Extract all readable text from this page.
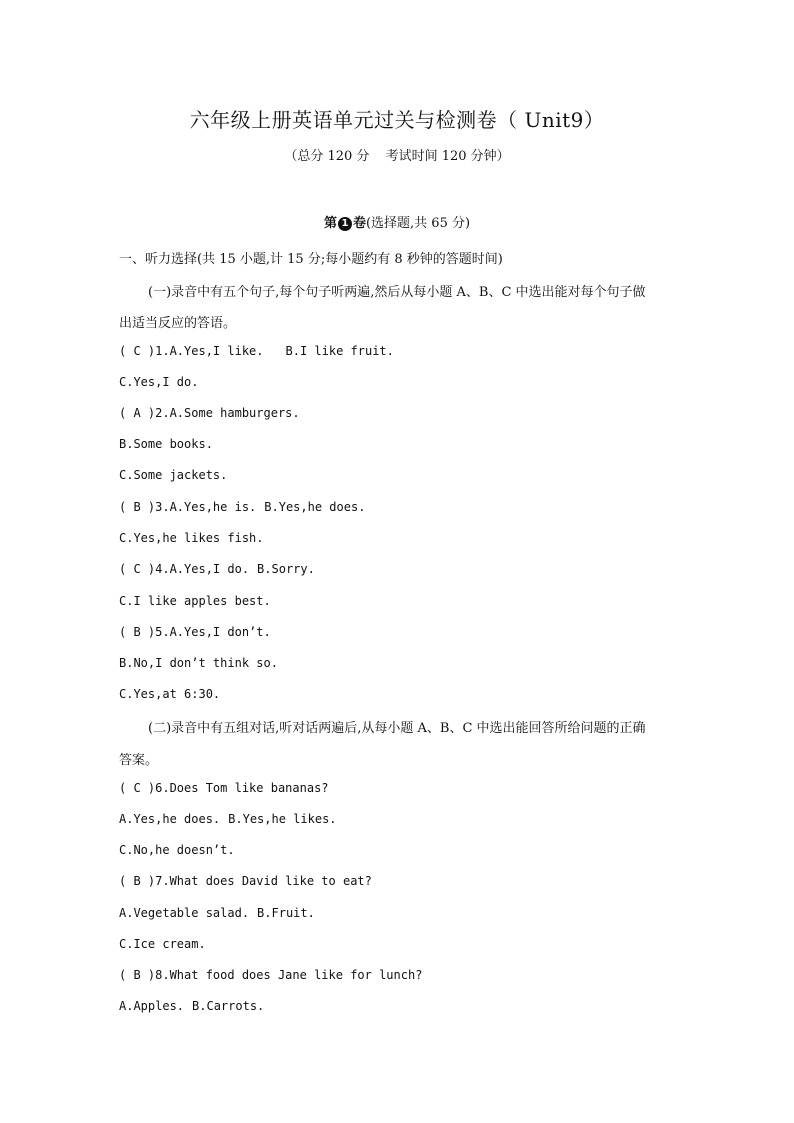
六年级上册英语单元过关与检测卷（ Unit9）
（总分 120 分 考试时间 120 分钟）
第 1 卷(选择题,共 65 分)
一、听力选择(共 15 小题,计 15 分;每小题约有 8 秒钟的答题时间)
(一)录音中有五个句子,每个句子听两遍,然后从每小题 A、B、C 中选出能对每个句子做
出适当反应的答语。
( C )1.A.Yes,I like. B.I like fruit.
C.Yes,I do.
( A )2.A.Some hamburgers.
B.Some books.
C.Some jackets.
( B )3.A.Yes,he is. B.Yes,he does.
C.Yes,he likes fish.
( C )4.A.Yes,I do. B.Sorry.
C.I like apples best.
( B )5.A.Yes,I don’t.
B.No,I don’t think so.
C.Yes,at 6:30.
(二)录音中有五组对话,听对话两遍后,从每小题 A、B、C 中选出能回答所给问题的正确
答案。
( C )6.Does Tom like bananas?
A.Yes,he does. B.Yes,he likes.
C.No,he doesn’t.
( B )7.What does David like to eat?
A.Vegetable salad. B.Fruit.
C.Ice cream.
( B )8.What food does Jane like for lunch?
A.Apples. B.Carrots.
